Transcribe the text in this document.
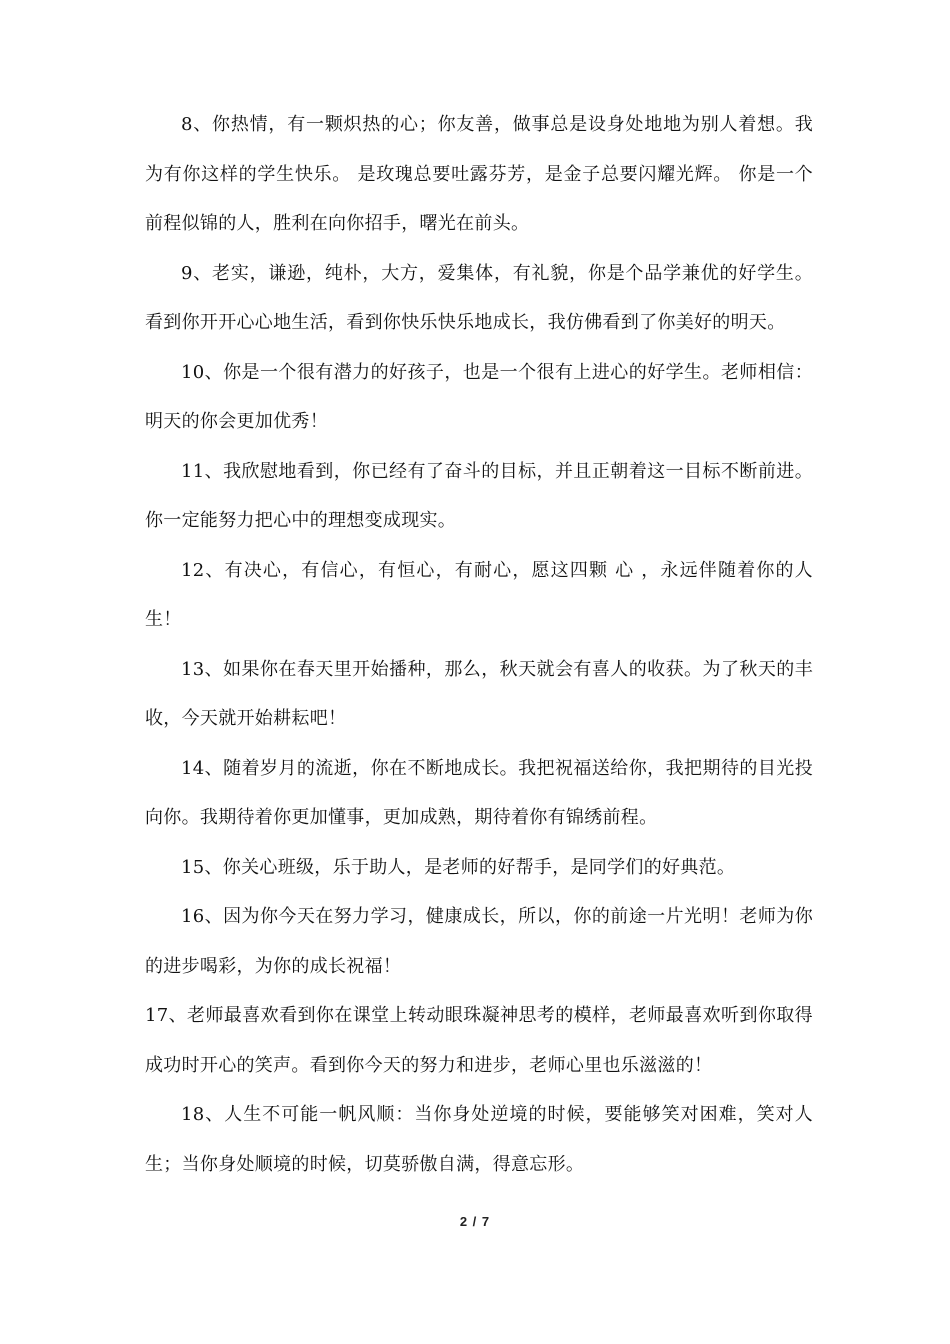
8、你热情，有一颗炽热的心；你友善，做事总是设身处地地为别人着想。我为有你这样的学生快乐。 是玫瑰总要吐露芬芳，是金子总要闪耀光辉。 你是一个前程似锦的人，胜利在向你招手，曙光在前头。

9、老实，谦逊，纯朴，大方，爱集体，有礼貌，你是个品学兼优的好学生。看到你开开心心地生活，看到你快乐快乐地成长，我仿佛看到了你美好的明天。

10、你是一个很有潜力的好孩子，也是一个很有上进心的好学生。老师相信：明天的你会更加优秀！

11、我欣慰地看到，你已经有了奋斗的目标，并且正朝着这一目标不断前进。你一定能努力把心中的理想变成现实。

12、有决心，有信心，有恒心，有耐心，愿这四颗 心 ，永远伴随着你的人生！

13、如果你在春天里开始播种，那么，秋天就会有喜人的收获。为了秋天的丰收，今天就开始耕耘吧！

14、随着岁月的流逝，你在不断地成长。我把祝福送给你，我把期待的目光投向你。我期待着你更加懂事，更加成熟，期待着你有锦绣前程。

15、你关心班级，乐于助人，是老师的好帮手，是同学们的好典范。

16、因为你今天在努力学习，健康成长，所以，你的前途一片光明！老师为你的进步喝彩，为你的成长祝福！

17、老师最喜欢看到你在课堂上转动眼珠凝神思考的模样，老师最喜欢听到你取得成功时开心的笑声。看到你今天的努力和进步，老师心里也乐滋滋的！

18、人生不可能一帆风顺：当你身处逆境的时候，要能够笑对困难，笑对人生；当你身处顺境的时候，切莫骄傲自满，得意忘形。

2 / 7
